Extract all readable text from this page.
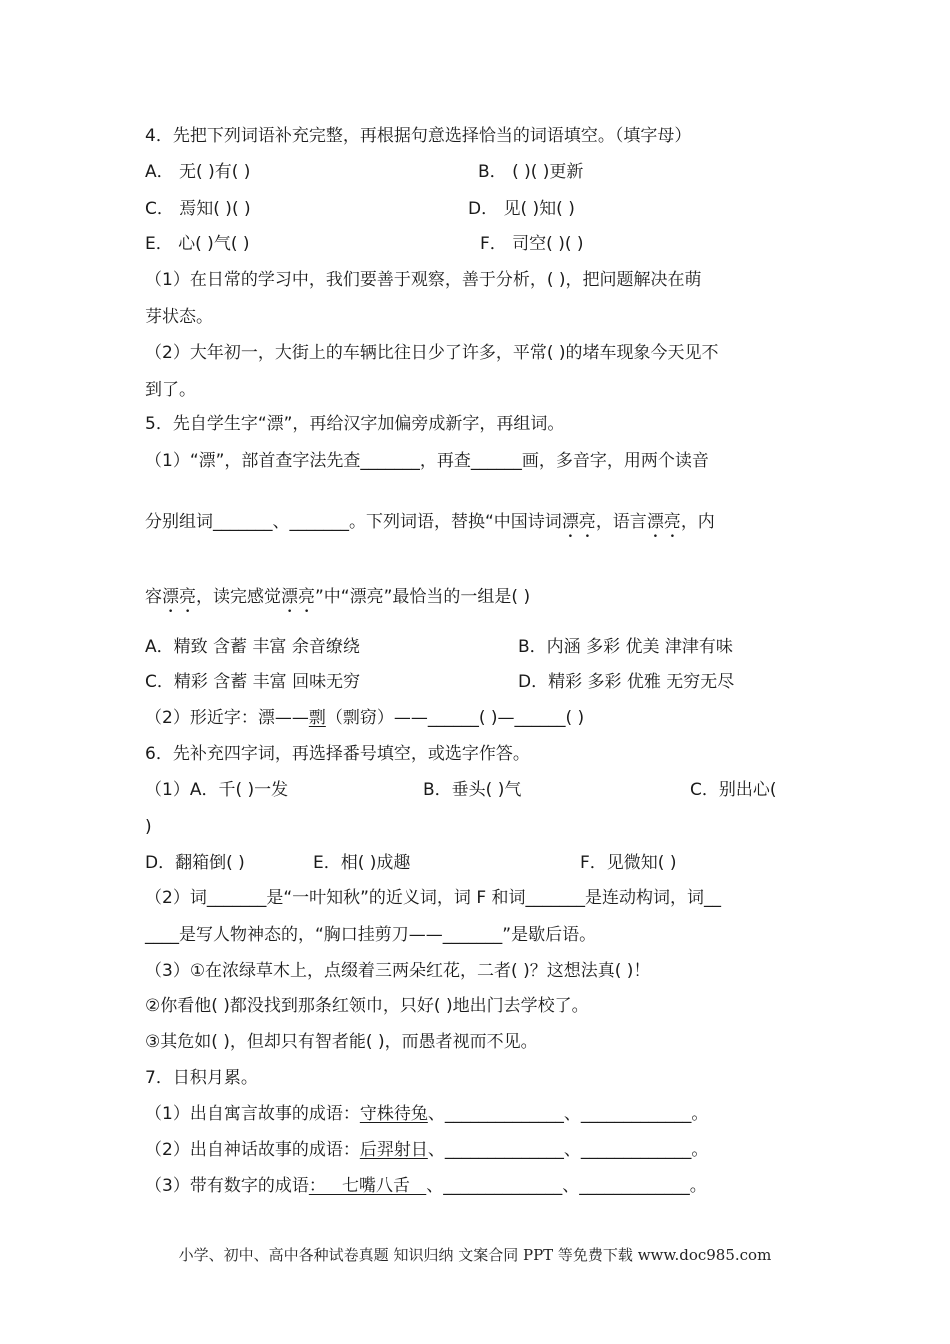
4．先把下列词语补充完整，再根据句意选择恰当的词语填空。（填字母）
A． 无( )有( )	B． ( )( )更新
C． 焉知( )( )	D． 见( )知( )
E． 心( )气( )	F． 司空( )( )
（1）在日常的学习中，我们要善于观察，善于分析，( )，把问题解决在萌
芽状态。
（2）大年初一，大街上的车辆比往日少了许多，平常( )的堵车现象今天见不
到了。
5．先自学生字“漂”，再给汉字加偏旁成新字，再组词。
（1）“漂”，部首查字法先查_______，再查______画，多音字，用两个读音
分别组词_______、_______。下列词语，替换“中国诗词漂亮，语言漂亮，内
容漂亮，读完感觉漂亮”中“漂亮”最恰当的一组是( )
A．精致 含蓄 丰富 余音缭绕	B．内涵 多彩 优美 津津有味
C．精彩 含蓄 丰富 回味无穷	D．精彩 多彩 优雅 无穷无尽
（2）形近字：漂——剽（剽窃）——______( )—______( )
6．先补充四字词，再选择番号填空，或选字作答。
（1）A．千( )一发	B．垂头( )气	C．别出心(
)
D．翻箱倒( )	E．相( )成趣	F．见微知( )
（2）词_______是“一叶知秋”的近义词，词 F 和词_______是连动构词，词__
____是写人物神态的，“胸口挂剪刀——_______”是歇后语。
（3）①在浓绿草木上，点缀着三两朵红花，二者( )？这想法真( )！
②你看他( )都没找到那条红领巾，只好( )地出门去学校了。
③其危如( )，但却只有智者能( )，而愚者视而不见。
7．日积月累。
（1）出自寓言故事的成语：守株待兔、______________、_____________。
（2）出自神话故事的成语：后羿射日、______________、_____________。
（3）带有数字的成语：   七嘴八舌   、______________、_____________。
小学、初中、高中各种试卷真题 知识归纳 文案合同 PPT 等免费下载 www.doc985.com
